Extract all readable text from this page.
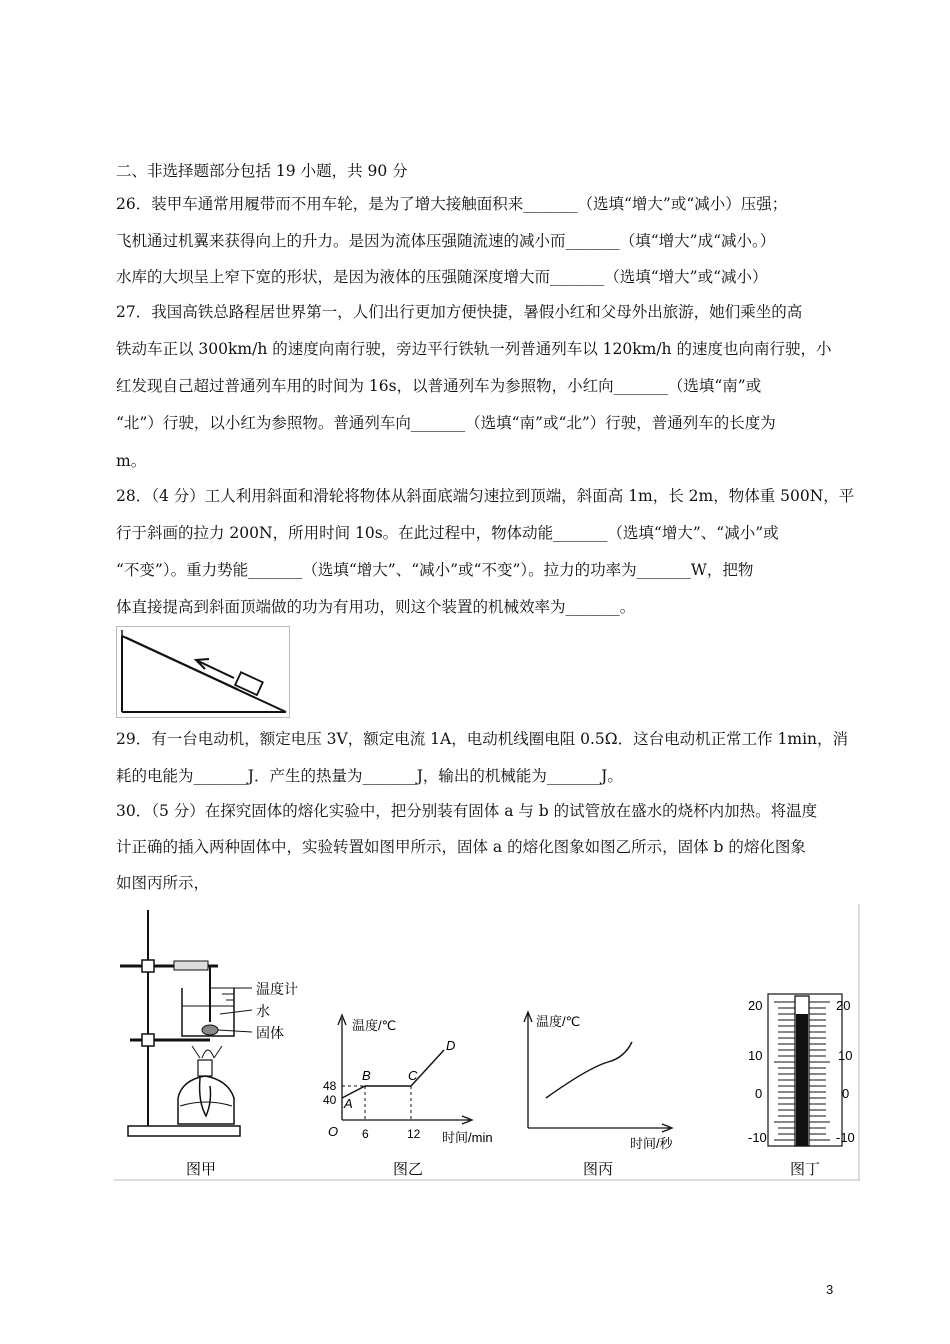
二、非选择题部分包括 19 小题，共 90 分
26．装甲车通常用履带而不用车轮，是为了增大接触面积来_______（选填“增大”或“减小）压强；
飞机通过机翼来获得向上的升力。是因为流体压强随流速的减小而_______（填“增大”成“减小。）
水库的大坝呈上窄下宽的形状，是因为液体的压强随深度增大而_______（选填“增大”或“减小）
27．我国高铁总路程居世界第一，人们出行更加方便快捷，暑假小红和父母外出旅游，她们乘坐的高
铁动车正以 300km/h 的速度向南行驶，旁边平行铁轨一列普通列车以 120km/h 的速度也向南行驶，小
红发现自己超过普通列车用的时间为 16s，以普通列车为参照物，小红向_______（选填“南”或
“北”）行驶，以小红为参照物。普通列车向_______（选填“南”或“北”）行驶，普通列车的长度为
m。
28．（4 分）工人利用斜面和滑轮将物体从斜面底端匀速拉到顶端，斜面高 1m，长 2m，物体重 500N，平
行于斜画的拉力 200N，所用时间 10s。在此过程中，物体动能_______（选填“增大”、“减小”或
“不变”）。重力势能_______（选填“增大”、“减小”或“不变”）。拉力的功率为_______W，把物
体直接提高到斜面顶端做的功为有用功，则这个装置的机械效率为_______。
29．有一台电动机，额定电压 3V，额定电流 1A，电动机线圈电阻 0.5Ω．这台电动机正常工作 1min，消
耗的电能为_______J．产生的热量为_______J，输出的机械能为_______J。
30．（5 分）在探究固体的熔化实验中，把分别装有固体 a 与 b 的试管放在盛水的烧杯内加热。将温度
计正确的插入两种固体中，实验转置如图甲所示，固体 a 的熔化图象如图乙所示，固体 b 的熔化图象
如图丙所示，
温度计
水
固体	温度/℃
时间/min
O
48
40
6	12
A
B	C
D
温度/℃
时间/秒
20
10
0
-10
20
10
0
-10
图甲	图乙	图丙	图丁
3
